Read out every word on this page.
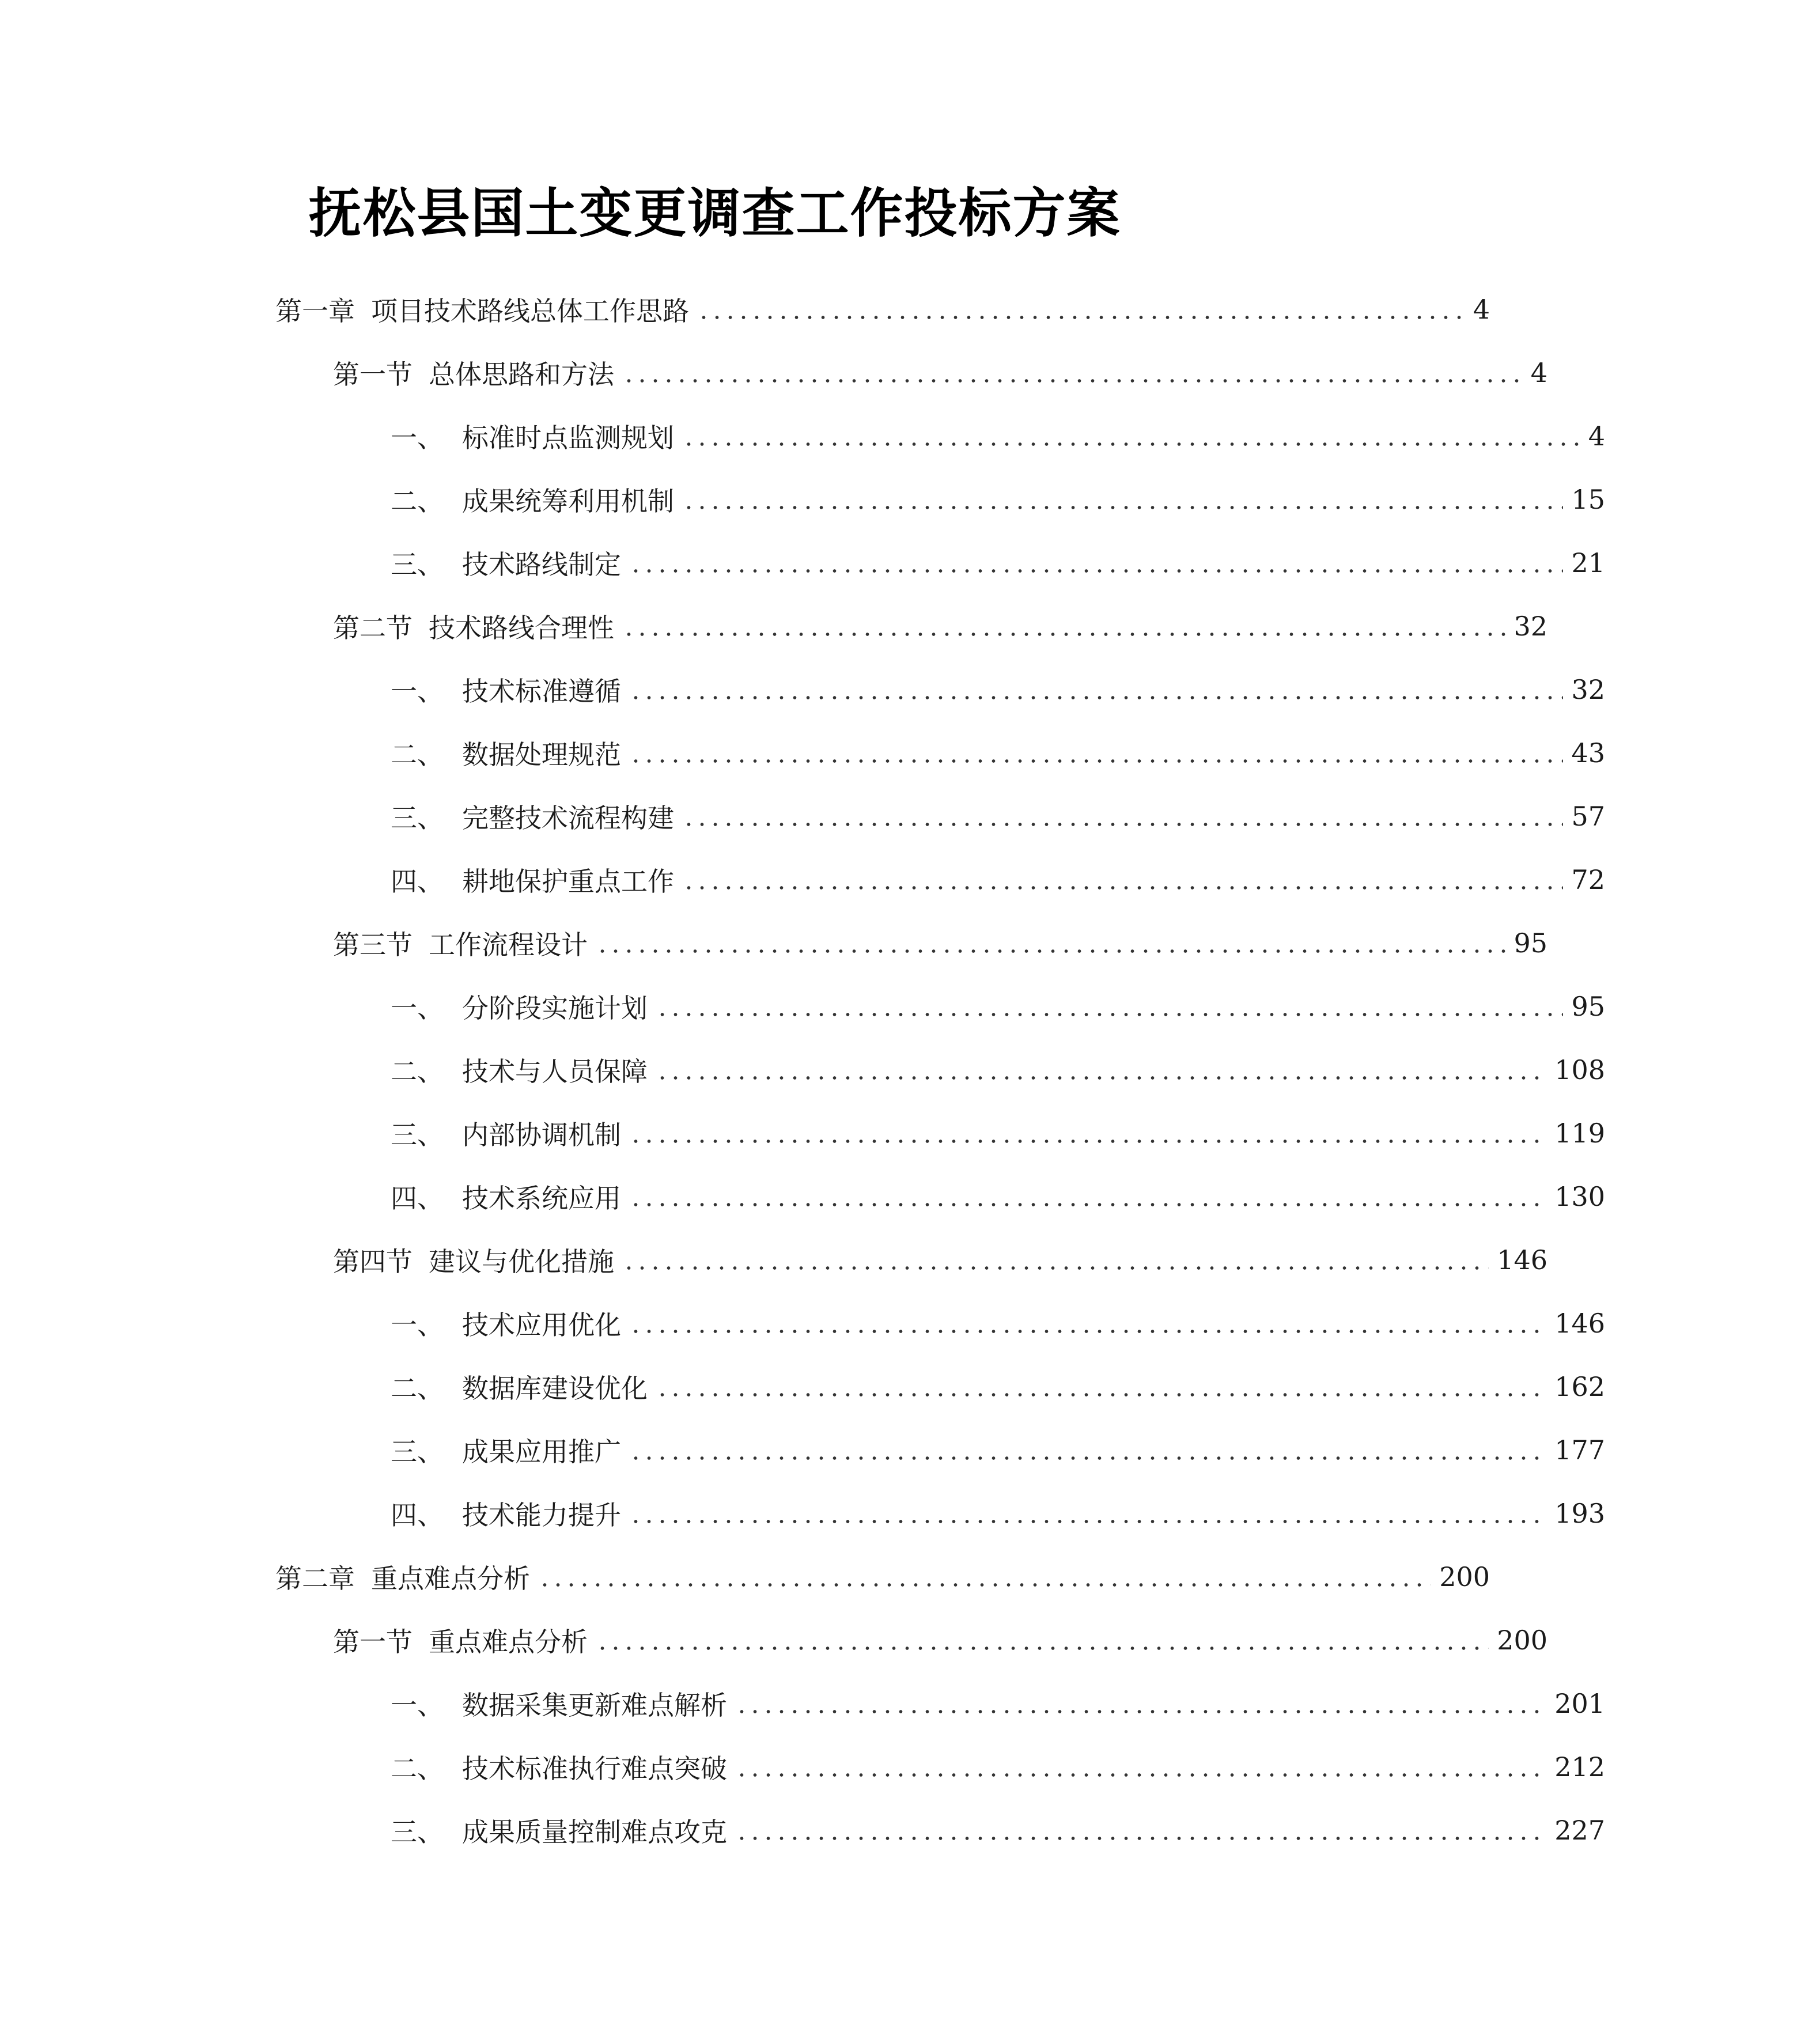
抚松县国土变更调查工作投标方案
第一章 项目技术路线总体工作思路	4
第一节 总体思路和方法	4
一、 标准时点监测规划	4
二、 成果统筹利用机制	15
三、 技术路线制定	21
第二节 技术路线合理性	32
一、 技术标准遵循	32
二、 数据处理规范	43
三、 完整技术流程构建	57
四、 耕地保护重点工作	72
第三节 工作流程设计	95
一、 分阶段实施计划	95
二、 技术与人员保障	108
三、 内部协调机制	119
四、 技术系统应用	130
第四节 建议与优化措施	146
一、 技术应用优化	146
二、 数据库建设优化	162
三、 成果应用推广	177
四、 技术能力提升	193
第二章 重点难点分析	200
第一节 重点难点分析	200
一、 数据采集更新难点解析	201
二、 技术标准执行难点突破	212
三、 成果质量控制难点攻克	227
